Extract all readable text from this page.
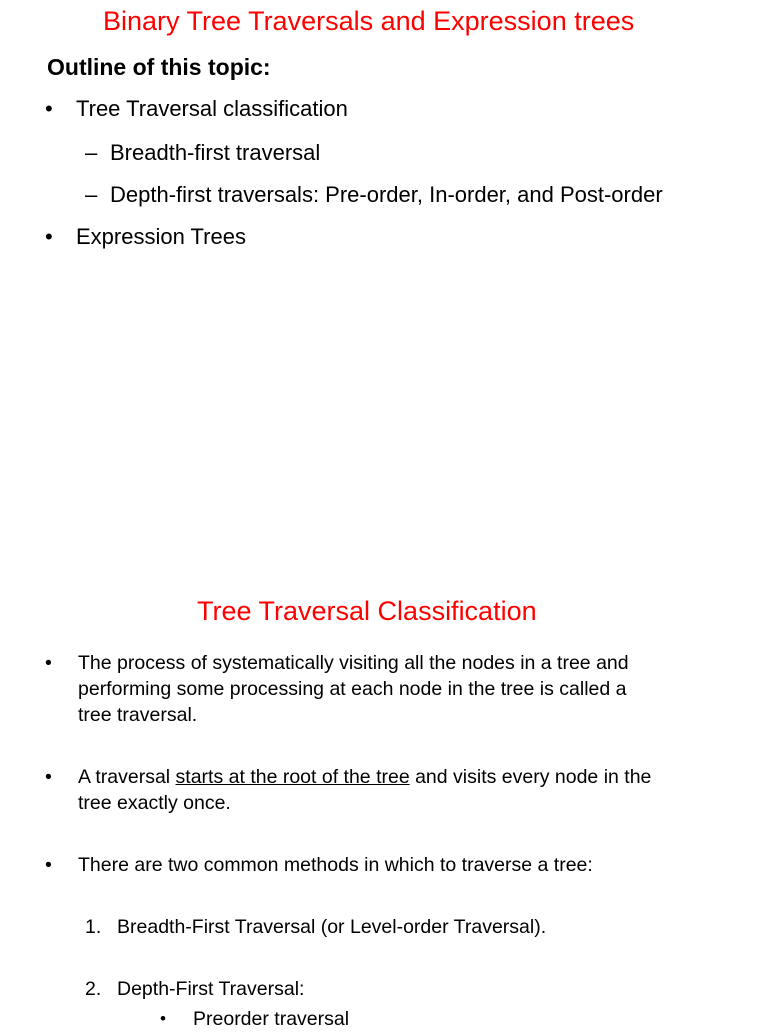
Binary Tree Traversals and Expression trees
Outline of this topic:
• Tree Traversal classification
– Breadth-first traversal
– Depth-first traversals: Pre-order, In-order, and Post-order
• Expression Trees
Tree Traversal Classification
• The process of systematically visiting all the nodes in a tree and
performing some processing at each node in the tree is called a
tree traversal.
• A traversal starts at the root of the tree and visits every node in the
tree exactly once.
• There are two common methods in which to traverse a tree:
1. Breadth-First Traversal (or Level-order Traversal).
2. Depth-First Traversal:
• Preorder traversal
